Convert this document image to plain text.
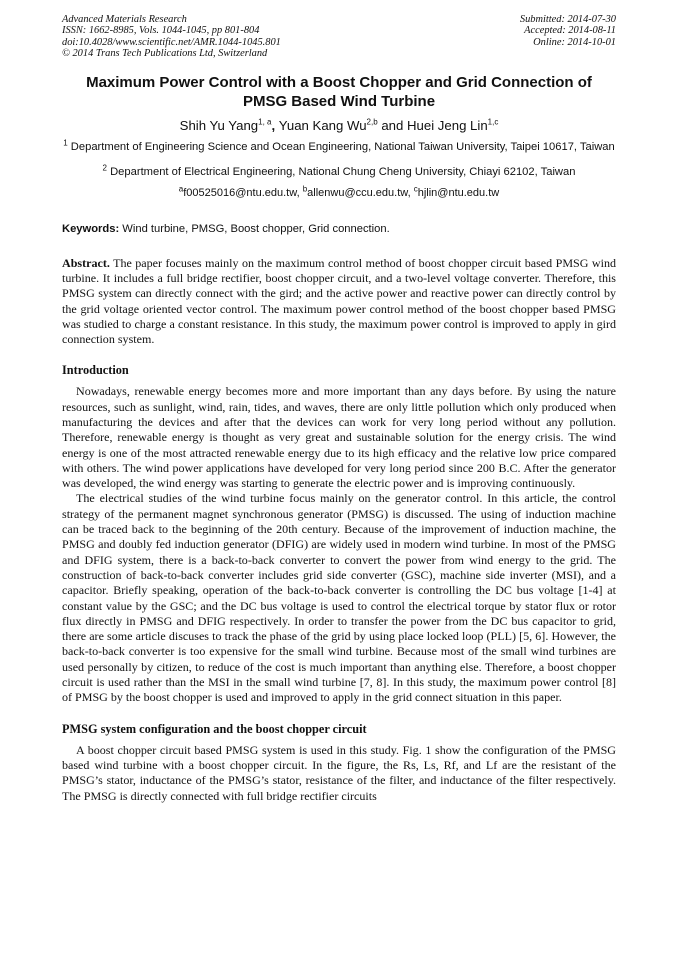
Advanced Materials Research
ISSN: 1662-8985, Vols. 1044-1045, pp 801-804
doi:10.4028/www.scientific.net/AMR.1044-1045.801
© 2014 Trans Tech Publications Ltd, Switzerland
Submitted: 2014-07-30
Accepted: 2014-08-11
Online: 2014-10-01
Maximum Power Control with a Boost Chopper and Grid Connection of PMSG Based Wind Turbine
Shih Yu Yang$^{1, a}$, Yuan Kang Wu$^{2,b}$ and Huei Jeng Lin$^{1,c}$
$^1$ Department of Engineering Science and Ocean Engineering, National Taiwan University, Taipei 10617, Taiwan
$^2$ Department of Electrical Engineering, National Chung Cheng University, Chiayi 62102, Taiwan
$^a$f00525016@ntu.edu.tw, $^b$allenwu@ccu.edu.tw, $^c$hjlin@ntu.edu.tw
Keywords: Wind turbine, PMSG, Boost chopper, Grid connection.

Abstract. The paper focuses mainly on the maximum control method of boost chopper circuit based PMSG wind turbine. It includes a full bridge rectifier, boost chopper circuit, and a two-level voltage converter. Therefore, this PMSG system can directly connect with the gird; and the active power and reactive power can directly control by the grid voltage oriented vector control. The maximum power control method of the boost chopper based PMSG was studied to charge a constant resistance. In this study, the maximum power control is improved to apply in gird connection system.

Introduction

Nowadays, renewable energy becomes more and more important than any days before. By using the nature resources, such as sunlight, wind, rain, tides, and waves, there are only little pollution which only produced when manufacturing the devices and after that the devices can work for very long period without any pollution. Therefore, renewable energy is thought as very great and sustainable solution for the energy crisis. The wind energy is one of the most attracted renewable energy due to its high efficacy and the relative low price compared with others. The wind power applications have developed for very long period since 200 B.C. After the generator was developed, the wind energy was starting to generate the electric power and is improving continuously.

The electrical studies of the wind turbine focus mainly on the generator control. In this article, the control strategy of the permanent magnet synchronous generator (PMSG) is discussed. The using of induction machine can be traced back to the beginning of the 20th century. Because of the improvement of induction machine, the PMSG and doubly fed induction generator (DFIG) are widely used in modern wind turbine. In most of the PMSG and DFIG system, there is a back-to-back converter to convert the power from wind energy to the grid. The construction of back-to-back converter includes grid side converter (GSC), machine side inverter (MSI), and a capacitor. Briefly speaking, operation of the back-to-back converter is controlling the DC bus voltage [1-4] at constant value by the GSC; and the DC bus voltage is used to control the electrical torque by stator flux or rotor flux directly in PMSG and DFIG respectively. In order to transfer the power from the DC bus capacitor to grid, there are some article discuses to track the phase of the grid by using place locked loop (PLL) [5, 6]. However, the back-to-back converter is too expensive for the small wind turbine. Because most of the small wind turbines are used personally by citizen, to reduce of the cost is much important than anything else. Therefore, a boost chopper circuit is used rather than the MSI in the small wind turbine [7, 8]. In this study, the maximum power control [8] of PMSG by the boost chopper is used and improved to apply in the grid connect situation in this paper.

PMSG system configuration and the boost chopper circuit

A boost chopper circuit based PMSG system is used in this study. Fig. 1 show the configuration of the PMSG based wind turbine with a boost chopper circuit. In the figure, the Rs, Ls, Rf, and Lf are the resistant of the PMSG’s stator, inductance of the PMSG’s stator, resistance of the filter, and inductance of the filter respectively. The PMSG is directly connected with full bridge rectifier circuits
